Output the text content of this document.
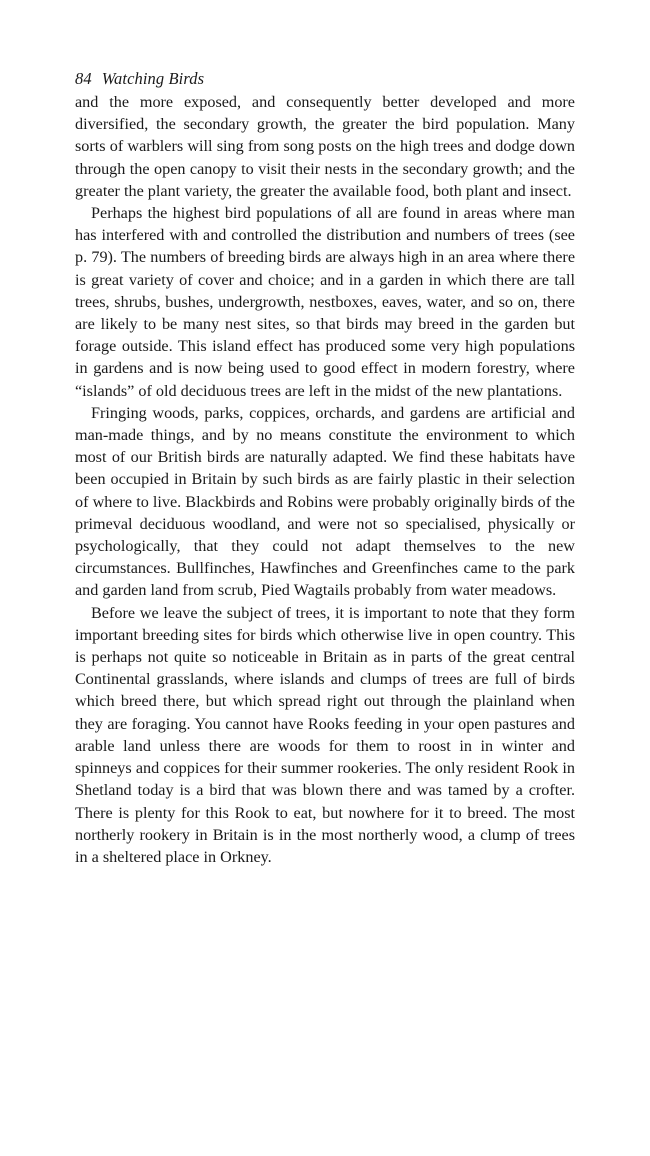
84 Watching Birds

and the more exposed, and consequently better developed and more diversified, the secondary growth, the greater the bird population. Many sorts of warblers will sing from song posts on the high trees and dodge down through the open canopy to visit their nests in the secondary growth; and the greater the plant variety, the greater the available food, both plant and insect.

Perhaps the highest bird populations of all are found in areas where man has interfered with and controlled the distribution and numbers of trees (see p. 79). The numbers of breeding birds are always high in an area where there is great variety of cover and choice; and in a garden in which there are tall trees, shrubs, bushes, undergrowth, nestboxes, eaves, water, and so on, there are likely to be many nest sites, so that birds may breed in the garden but forage outside. This island effect has produced some very high populations in gardens and is now being used to good effect in modern forestry, where “islands” of old deciduous trees are left in the midst of the new plantations.

Fringing woods, parks, coppices, orchards, and gardens are artificial and man-made things, and by no means constitute the environment to which most of our British birds are naturally adapted. We find these habitats have been occupied in Britain by such birds as are fairly plastic in their selection of where to live. Blackbirds and Robins were probably originally birds of the primeval deciduous woodland, and were not so specialised, physically or psychologically, that they could not adapt themselves to the new circumstances. Bullfinches, Hawfinches and Greenfinches came to the park and garden land from scrub, Pied Wagtails probably from water meadows.

Before we leave the subject of trees, it is important to note that they form important breeding sites for birds which otherwise live in open country. This is perhaps not quite so noticeable in Britain as in parts of the great central Continental grasslands, where islands and clumps of trees are full of birds which breed there, but which spread right out through the plainland when they are foraging. You cannot have Rooks feeding in your open pastures and arable land unless there are woods for them to roost in in winter and spinneys and coppices for their summer rookeries. The only resident Rook in Shetland today is a bird that was blown there and was tamed by a crofter. There is plenty for this Rook to eat, but nowhere for it to breed. The most northerly rookery in Britain is in the most northerly wood, a clump of trees in a sheltered place in Orkney.
